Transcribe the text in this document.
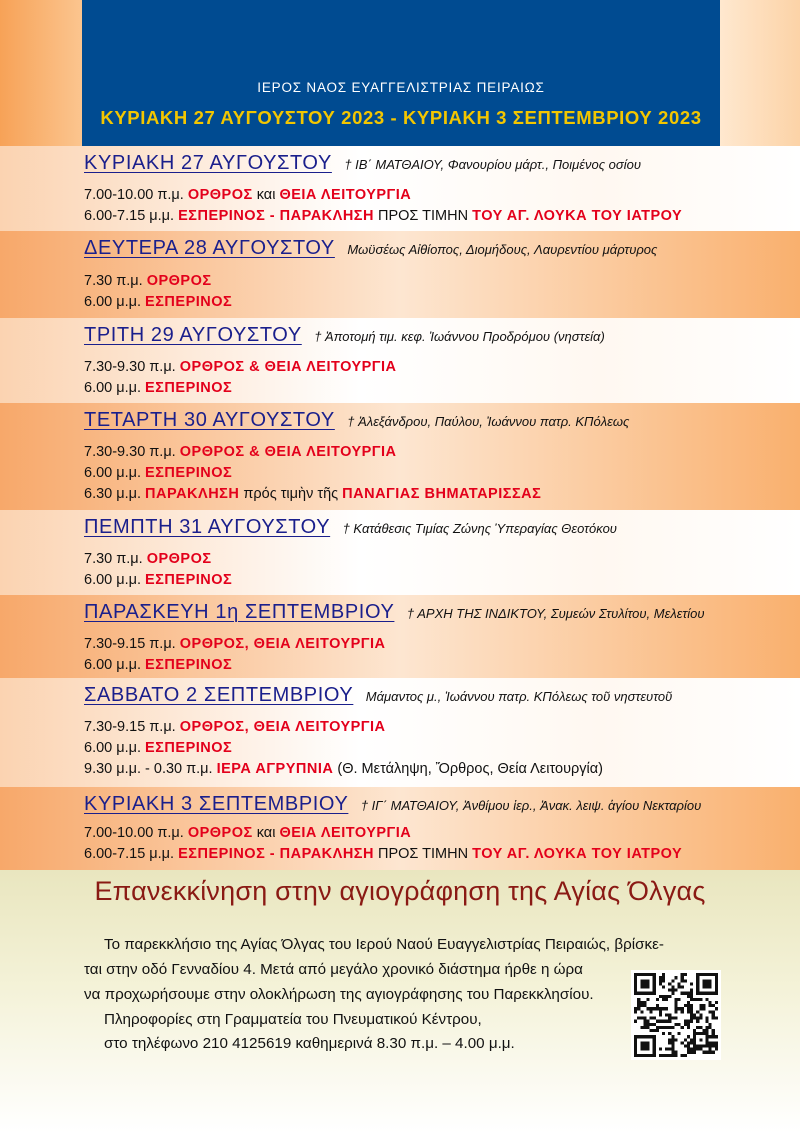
ΙΕΡΟΣ ΝΑΟΣ ΕΥΑΓΓΕΛΙΣΤΡΙΑΣ ΠΕΙΡΑΙΩΣ
ΚΥΡΙΑΚΗ 27 ΑΥΓΟΥΣΤΟΥ 2023 - ΚΥΡΙΑΚΗ 3 ΣΕΠΤΕΜΒΡΙΟΥ 2023
ΚΥΡΙΑΚΗ 27 ΑΥΓΟΥΣΤΟΥ † ΙΒ΄ ΜΑΤΘΑΙΟΥ, Φανουρίου μάρτ., Ποιμένος οσίου
7.00-10.00 π.μ. ΟΡΘΡΟΣ και ΘΕΙΑ ΛΕΙΤΟΥΡΓΙΑ
6.00-7.15 μ.μ. ΕΣΠΕΡΙΝΟΣ - ΠΑΡΑΚΛΗΣΗ ΠΡΟΣ ΤΙΜΗΝ ΤΟΥ ΑΓ. ΛΟΥΚΑ ΤΟΥ ΙΑΤΡΟΥ
ΔΕΥΤΕΡΑ 28 ΑΥΓΟΥΣΤΟΥ Μωϋσέως Αἰθίοπος, Διομήδους, Λαυρεντίου μάρτυρος
7.30 π.μ. ΟΡΘΡΟΣ
6.00 μ.μ. ΕΣΠΕΡΙΝΟΣ
ΤΡΙΤΗ 29 ΑΥΓΟΥΣΤΟΥ † Ἀποτομή τιμ. κεφ. Ἰωάννου Προδρόμου (νηστεία)
7.30-9.30 π.μ. ΟΡΘΡΟΣ & ΘΕΙΑ ΛΕΙΤΟΥΡΓΙΑ
6.00 μ.μ. ΕΣΠΕΡΙΝΟΣ
ΤΕΤΑΡΤΗ 30 ΑΥΓΟΥΣΤΟΥ † Ἀλεξάνδρου, Παύλου, Ἰωάννου πατρ. ΚΠόλεως
7.30-9.30 π.μ. ΟΡΘΡΟΣ & ΘΕΙΑ ΛΕΙΤΟΥΡΓΙΑ
6.00 μ.μ. ΕΣΠΕΡΙΝΟΣ
6.30 μ.μ. ΠΑΡΑΚΛΗΣΗ πρός τιμὴν τῆς ΠΑΝΑΓΙΑΣ ΒΗΜΑΤΑΡΙΣΣΑΣ
ΠΕΜΠΤΗ 31 ΑΥΓΟΥΣΤΟΥ † Κατάθεσις Τιμίας Ζώνης Ὑπεραγίας Θεοτόκου
7.30 π.μ. ΟΡΘΡΟΣ
6.00 μ.μ. ΕΣΠΕΡΙΝΟΣ
ΠΑΡΑΣΚΕΥΗ 1η ΣΕΠΤΕΜΒΡΙΟΥ † ΑΡΧΗ ΤΗΣ ΙΝΔΙΚΤΟΥ, Συμεών Στυλίτου, Μελετίου
7.30-9.15 π.μ. ΟΡΘΡΟΣ, ΘΕΙΑ ΛΕΙΤΟΥΡΓΙΑ
6.00 μ.μ. ΕΣΠΕΡΙΝΟΣ
ΣΑΒΒΑΤΟ 2 ΣΕΠΤΕΜΒΡΙΟΥ Μάμαντος μ., Ἰωάννου πατρ. ΚΠόλεως τοῦ νηστευτοῦ
7.30-9.15 π.μ. ΟΡΘΡΟΣ, ΘΕΙΑ ΛΕΙΤΟΥΡΓΙΑ
6.00 μ.μ. ΕΣΠΕΡΙΝΟΣ
9.30 μ.μ. - 0.30 π.μ. ΙΕΡΑ ΑΓΡΥΠΝΙΑ (Θ. Μετάληψη, Ὄρθρος, Θεία Λειτουργία)
ΚΥΡΙΑΚΗ 3 ΣΕΠΤΕΜΒΡΙΟΥ † ΙΓ΄ ΜΑΤΘΑΙΟΥ, Ἀνθίμου ἱερ., Ἀνακ. λειψ. ἁγίου Νεκταρίου
7.00-10.00 π.μ. ΟΡΘΡΟΣ και ΘΕΙΑ ΛΕΙΤΟΥΡΓΙΑ
6.00-7.15 μ.μ. ΕΣΠΕΡΙΝΟΣ - ΠΑΡΑΚΛΗΣΗ ΠΡΟΣ ΤΙΜΗΝ ΤΟΥ ΑΓ. ΛΟΥΚΑ ΤΟΥ ΙΑΤΡΟΥ
Επανεκκίνηση στην αγιογράφηση της Αγίας Όλγας
Το παρεκκλήσιο της Αγίας Όλγας του Ιερού Ναού Ευαγγελιστρίας Πειραιώς, βρίσκε-
ται στην οδό Γενναδίου 4. Μετά από μεγάλο χρονικό διάστημα ήρθε η ώρα
να προχωρήσουμε στην ολοκλήρωση της αγιογράφησης του Παρεκκλησίου.
Πληροφορίες στη Γραμματεία του Πνευματικού Κέντρου,
στο τηλέφωνο 210 4125619 καθημερινά 8.30 π.μ. – 4.00 μ.μ.
